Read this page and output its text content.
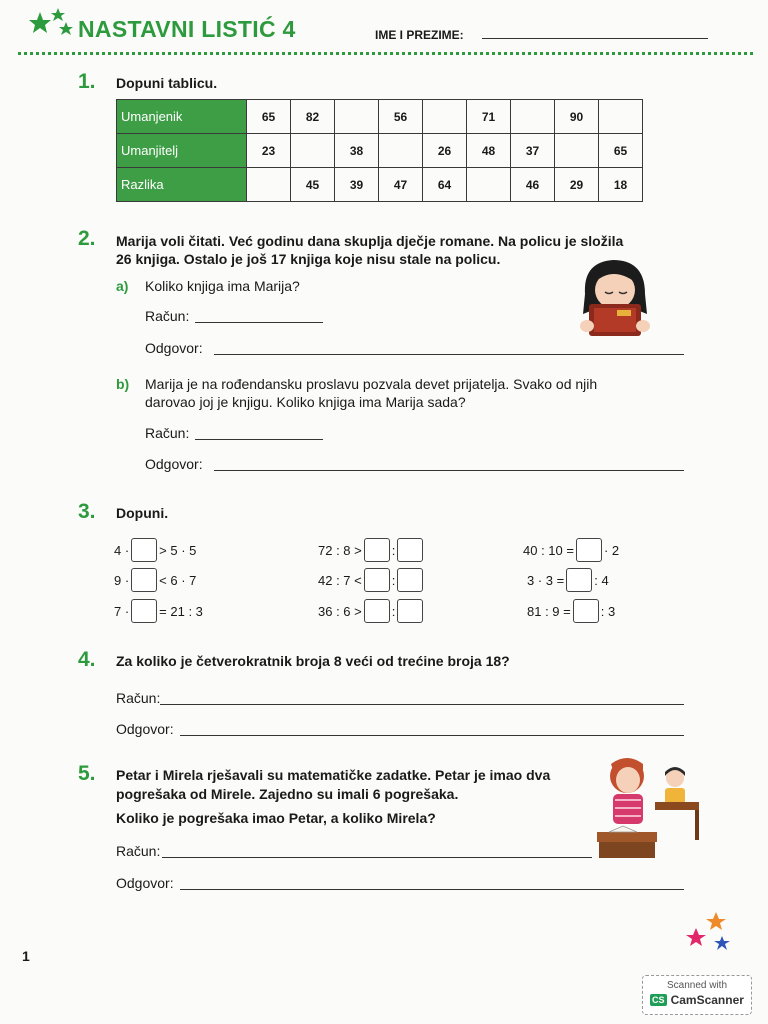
NASTAVNI LISTIĆ 4	IME I PREZIME:
1. Dopuni tablicu.
Umanjenik	65	82		56		71		90	
Umanjitelj	23		38		26	48	37		65
Razlika		45	39	47	64		46	29	18
2. Marija voli čitati. Već godinu dana skuplja dječje romane. Na policu je složila
26 knjiga. Ostalo je još 17 knjiga koje nisu stale na policu.
a) Koliko knjiga ima Marija?
Račun:
Odgovor:
b) Marija je na rođendansku proslavu pozvala devet prijatelja. Svako od njih
darovao joj je knjigu. Koliko knjiga ima Marija sada?
Račun:
Odgovor:
3. Dopuni.
4 · > 5 · 5
9 · < 6 · 7
7 · = 21 : 3
72 : 8 > :
42 : 7 < :
36 : 6 > :
40 : 10 = · 2
3 · 3 = : 4
81 : 9 = : 3
4. Za koliko je četverokratnik broja 8 veći od trećine broja 18?
Račun:
Odgovor:
5. Petar i Mirela rješavali su matematičke zadatke. Petar je imao dva
pogrešaka od Mirele. Zajedno su imali 6 pogrešaka.
Koliko je pogrešaka imao Petar, a koliko Mirela?
Račun:
Odgovor:
1
Scanned with
CS CamScanner
